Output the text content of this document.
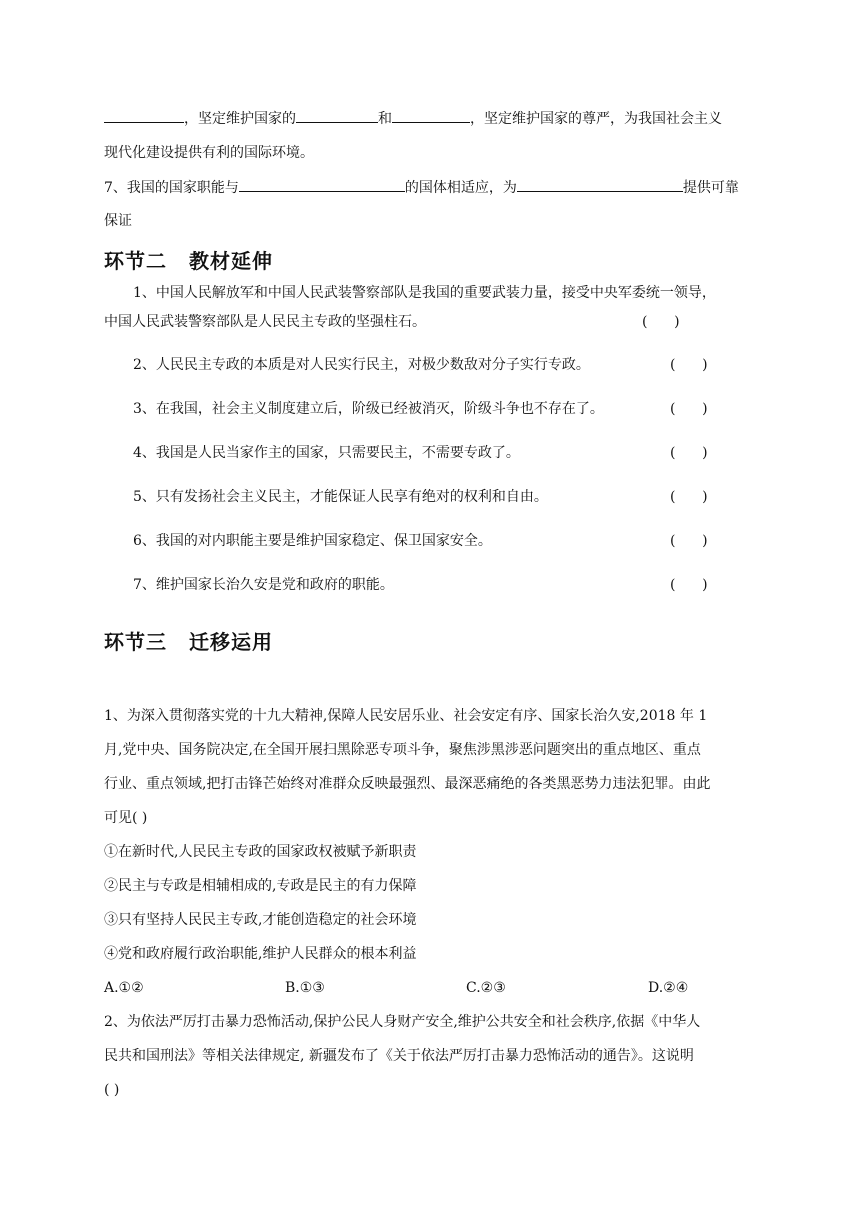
，坚定维护国家的	和	，坚定维护国家的尊严，为我国社会主义
现代化建设提供有利的国际环境。
7、我国的国家职能与	的国体相适应，为	提供可靠
保证
环节二 教材延伸
1、中国人民解放军和中国人民武装警察部队是我国的重要武装力量，接受中央军委统一领导，
中国人民武装警察部队是人民民主专政的坚强柱石。	(      )
2、人民民主专政的本质是对人民实行民主，对极少数敌对分子实行专政。	(      )
3、在我国，社会主义制度建立后，阶级已经被消灭，阶级斗争也不存在了。	(      )
4、我国是人民当家作主的国家，只需要民主，不需要专政了。	(      )
5、只有发扬社会主义民主，才能保证人民享有绝对的权利和自由。	(      )
6、我国的对内职能主要是维护国家稳定、保卫国家安全。	(      )
7、维护国家长治久安是党和政府的职能。	(      )
环节三 迁移运用
1、为深入贯彻落实党的十九大精神,保障人民安居乐业、社会安定有序、国家长治久安,2018 年 1
月,党中央、国务院决定,在全国开展扫黑除恶专项斗争，聚焦涉黑涉恶问题突出的重点地区、重点
行业、重点领域,把打击锋芒始终对准群众反映最强烈、最深恶痛绝的各类黑恶势力违法犯罪。由此
可见( )
①在新时代,人民民主专政的国家政权被赋予新职责
②民主与专政是相辅相成的,专政是民主的有力保障
③只有坚持人民民主专政,才能创造稳定的社会环境
④党和政府履行政治职能,维护人民群众的根本利益
A.①②	B.①③	C.②③	D.②④
2、为依法严厉打击暴力恐怖活动,保护公民人身财产安全,维护公共安全和社会秩序,依据《中华人
民共和国刑法》等相关法律规定, 新疆发布了《关于依法严厉打击暴力恐怖活动的通告》。这说明
( )
